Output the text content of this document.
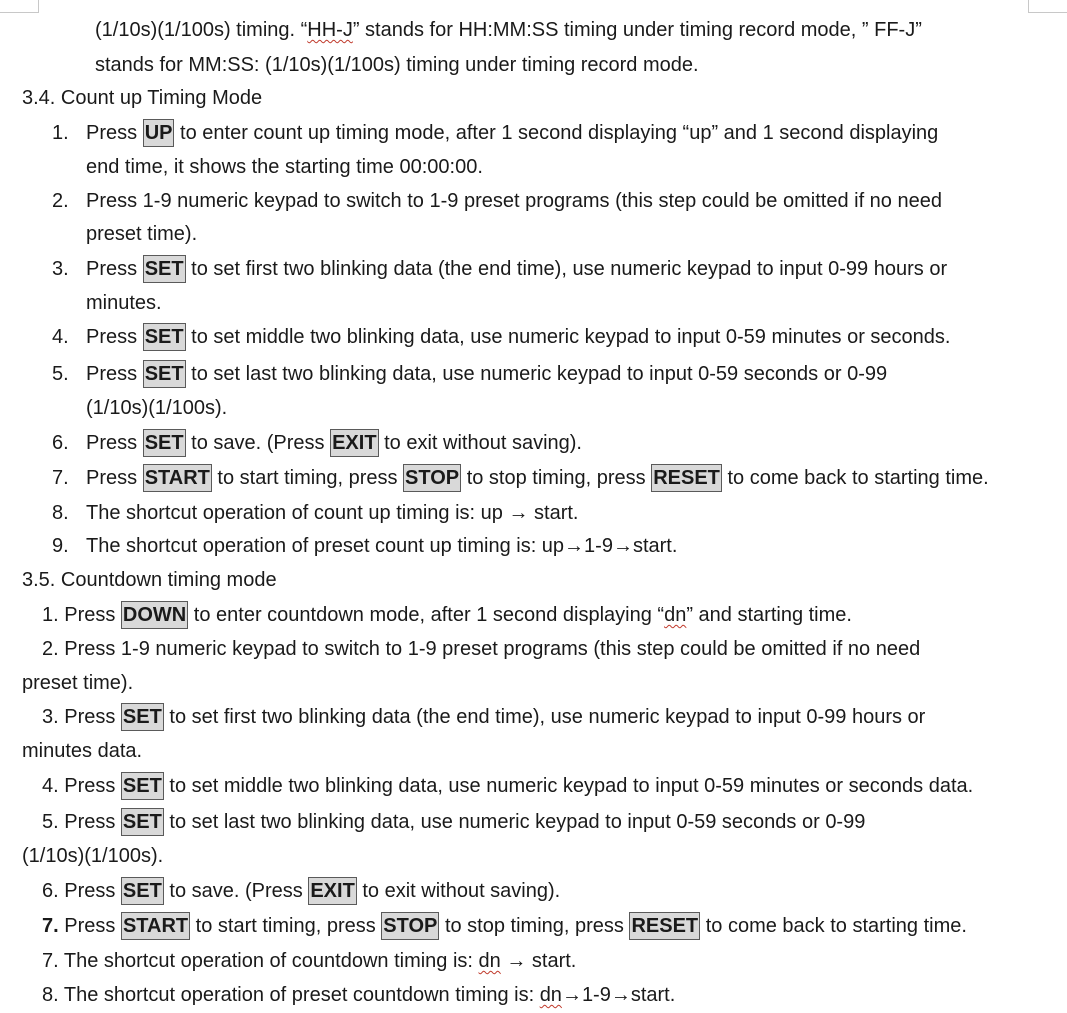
(1/10s)(1/100s) timing. “HH-J” stands for HH:MM:SS timing under timing record mode, ” FF-J”
stands for MM:SS: (1/10s)(1/100s) timing under timing record mode.
3.4. Count up Timing Mode
1. Press UP to enter count up timing mode, after 1 second displaying “up” and 1 second displaying
end time, it shows the starting time 00:00:00.
2. Press 1-9 numeric keypad to switch to 1-9 preset programs (this step could be omitted if no need
preset time).
3. Press SET to set first two blinking data (the end time), use numeric keypad to input 0-99 hours or
minutes.
4. Press SET to set middle two blinking data, use numeric keypad to input 0-59 minutes or seconds.
5. Press SET to set last two blinking data, use numeric keypad to input 0-59 seconds or 0-99
(1/10s)(1/100s).
6. Press SET to save. (Press EXIT to exit without saving).
7. Press START to start timing, press STOP to stop timing, press RESET to come back to starting time.
8. The shortcut operation of count up timing is: up → start.
9. The shortcut operation of preset count up timing is: up→1-9→start.
3.5. Countdown timing mode
1. Press DOWN to enter countdown mode, after 1 second displaying “dn” and starting time.
2. Press 1-9 numeric keypad to switch to 1-9 preset programs (this step could be omitted if no need
preset time).
3. Press SET to set first two blinking data (the end time), use numeric keypad to input 0-99 hours or
minutes data.
4. Press SET to set middle two blinking data, use numeric keypad to input 0-59 minutes or seconds data.
5. Press SET to set last two blinking data, use numeric keypad to input 0-59 seconds or 0-99
(1/10s)(1/100s).
6. Press SET to save. (Press EXIT to exit without saving).
7. Press START to start timing, press STOP to stop timing, press RESET to come back to starting time.
7. The shortcut operation of countdown timing is: dn → start.
8. The shortcut operation of preset countdown timing is: dn→1-9→start.
